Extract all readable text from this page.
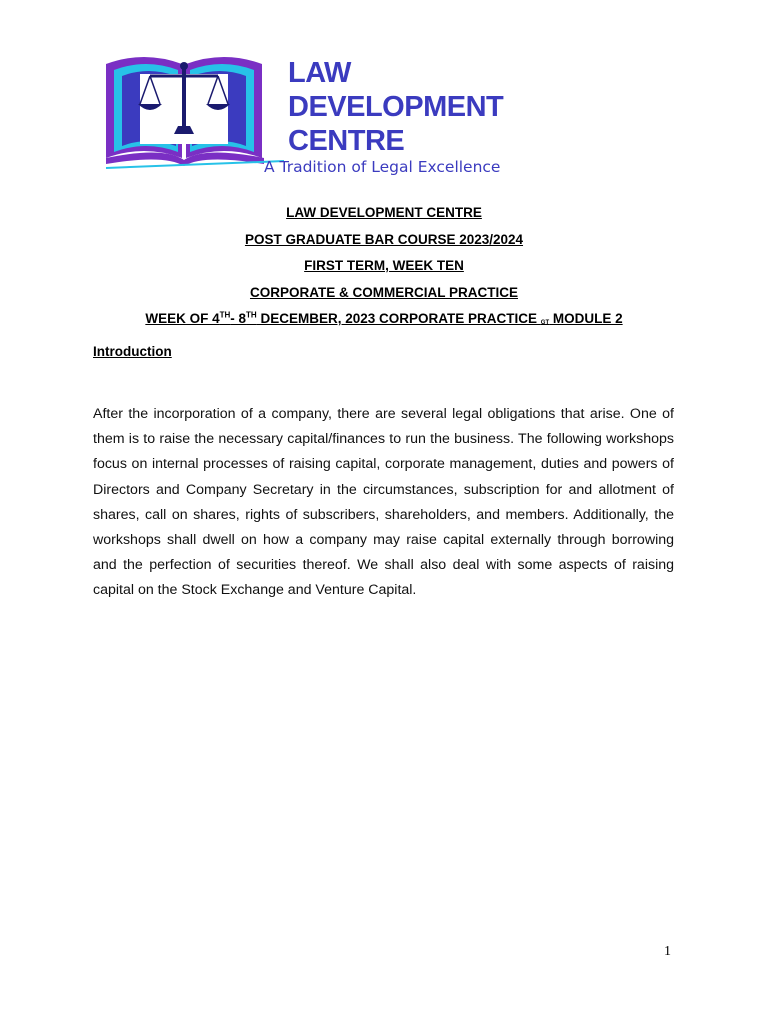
LAW
DEVELOPMENT
CENTRE
A Tradition of Legal Excellence
LAW DEVELOPMENT CENTRE
POST GRADUATE BAR COURSE 2023/2024
FIRST TERM, WEEK TEN
CORPORATE & COMMERCIAL PRACTICE
WEEK OF 4TH- 8TH DECEMBER, 2023 CORPORATE PRACTICE GT MODULE 2
Introduction
After the incorporation of a company, there are several legal obligations that arise. One of them is to raise the necessary capital/finances to run the business. The following workshops focus on internal processes of raising capital, corporate management, duties and powers of Directors and Company Secretary in the circumstances, subscription for and allotment of shares, call on shares, rights of subscribers, shareholders, and members. Additionally, the workshops shall dwell on how a company may raise capital externally through borrowing and the perfection of securities thereof. We shall also deal with some aspects of raising capital on the Stock Exchange and Venture Capital.
1
